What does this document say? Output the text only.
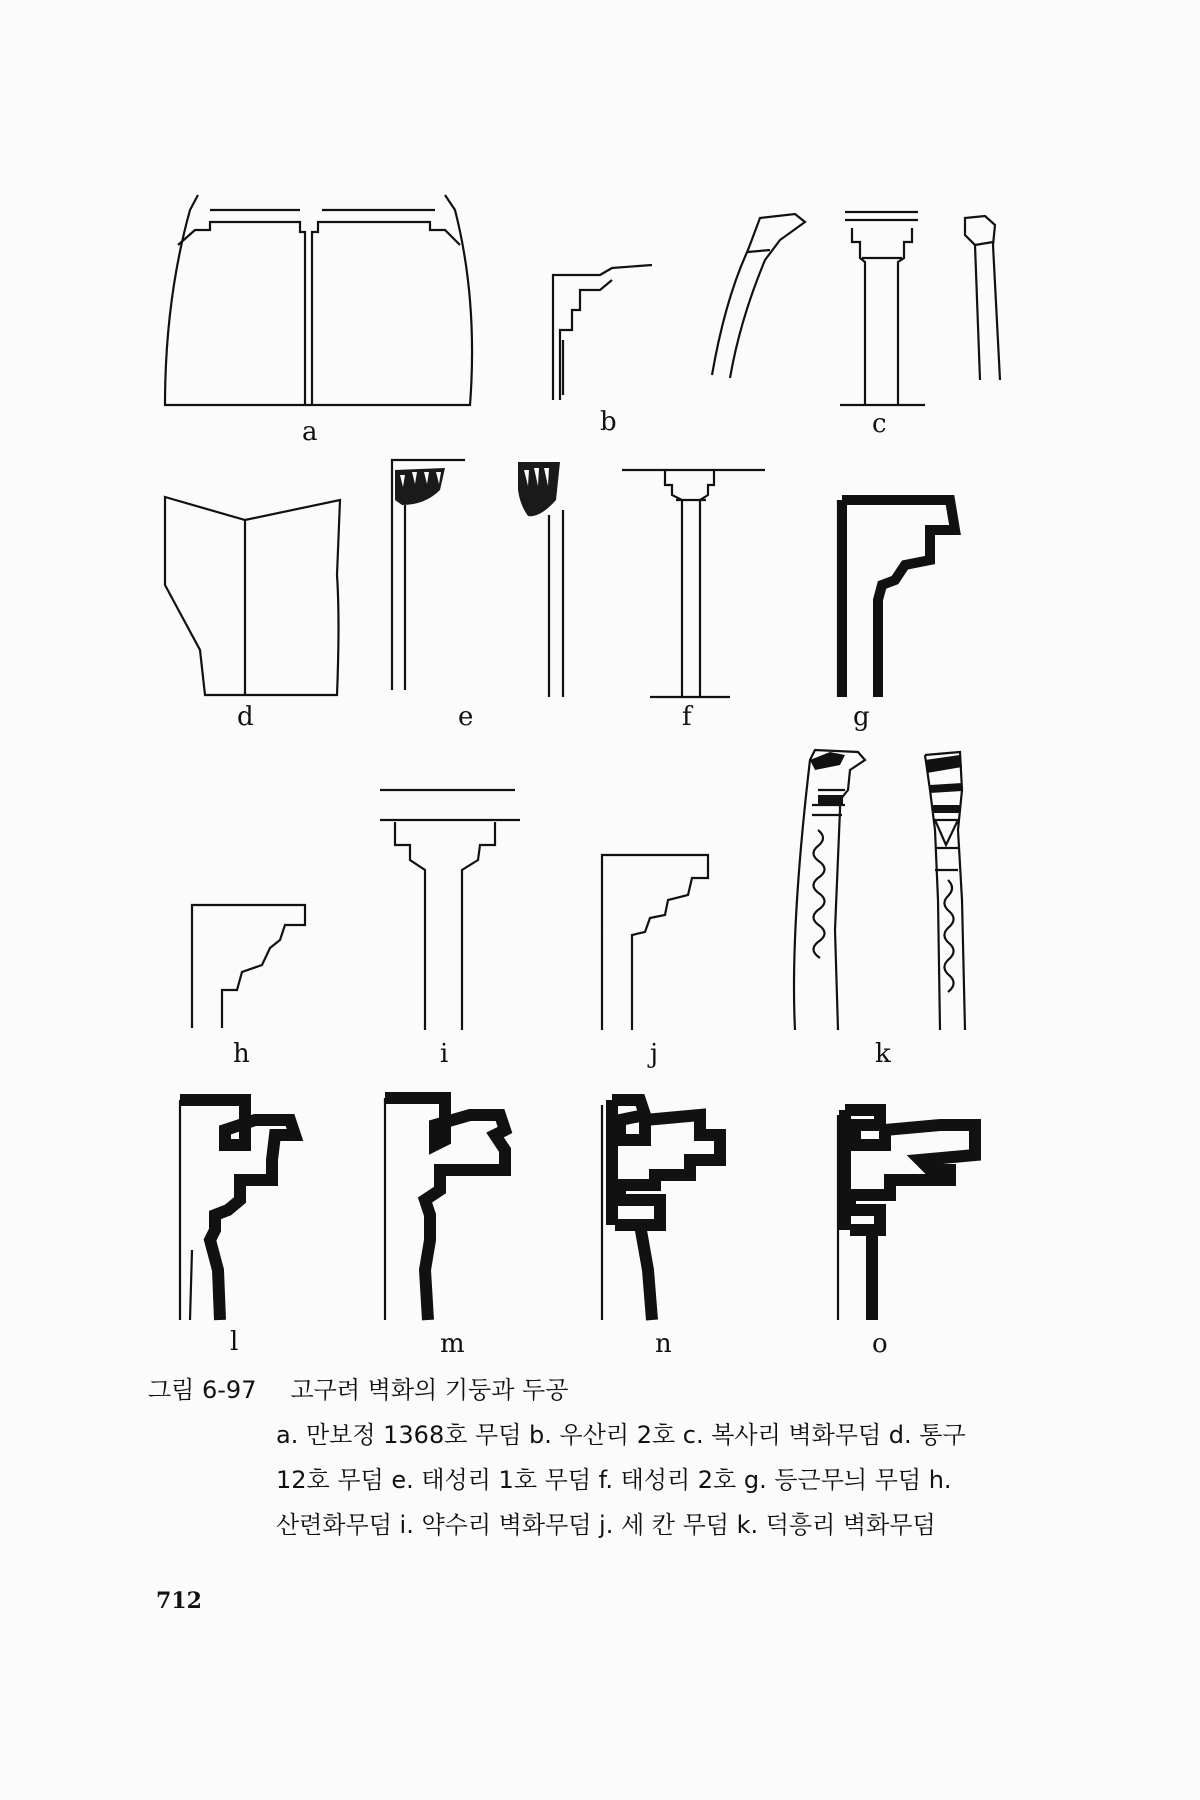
a	b	c
d	e	f	g
h	i	j	k
l	m	n	o
그림 6-97 고구려 벽화의 기둥과 두공
a. 만보정 1368호 무덤 b. 우산리 2호 c. 복사리 벽화무덤 d. 통구
12호 무덤 e. 태성리 1호 무덤 f. 태성리 2호 g. 등근무늬 무덤 h.
산련화무덤 i. 약수리 벽화무덤 j. 세 칸 무덤 k. 덕흥리 벽화무덤
712
